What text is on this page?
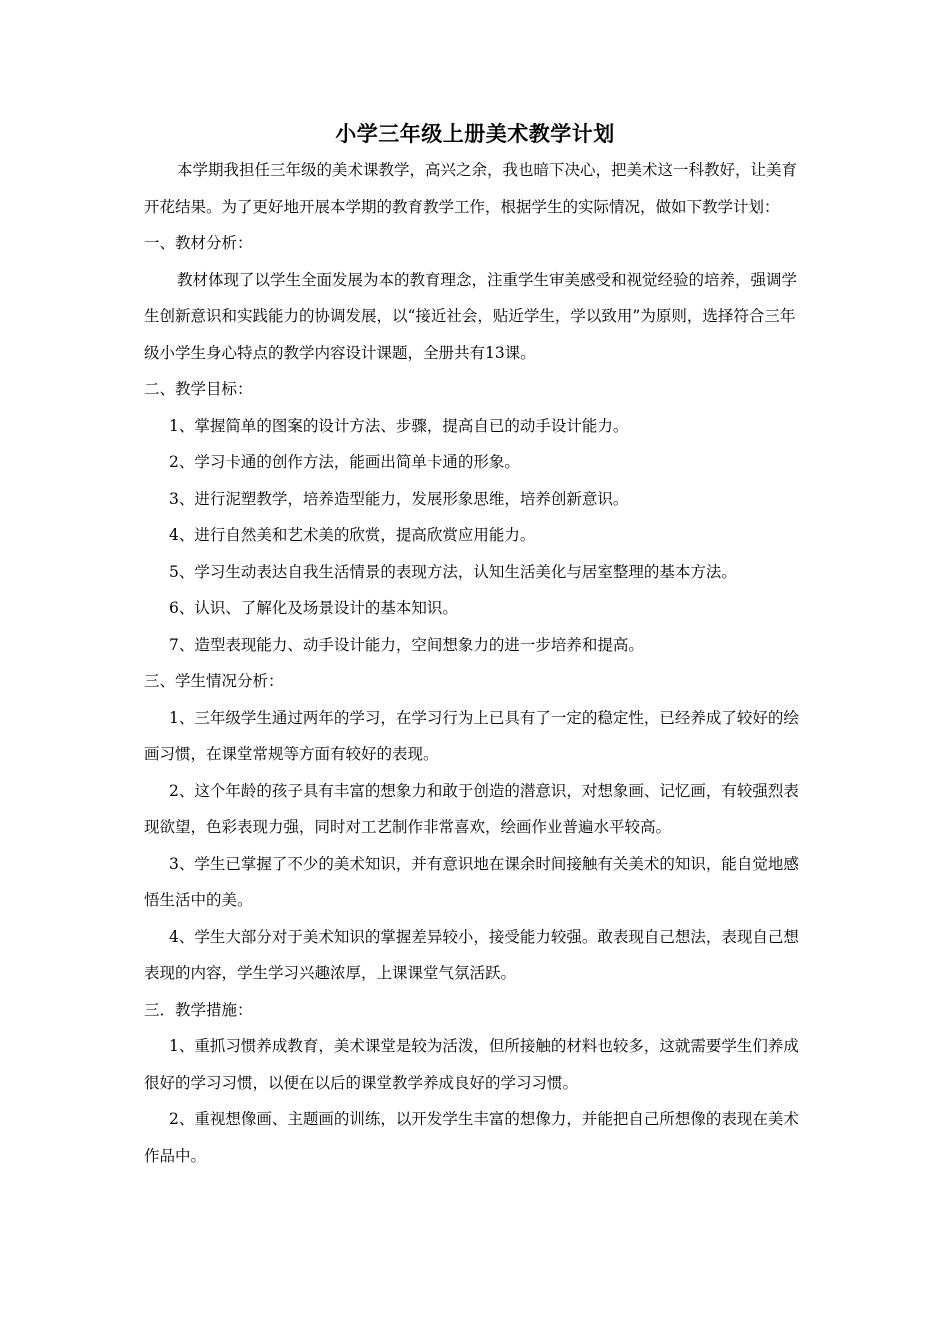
小学三年级上册美术教学计划

本学期我担任三年级的美术课教学，高兴之余，我也暗下决心，把美术这一科教好，让美育开花结果。为了更好地开展本学期的教育教学工作，根据学生的实际情况，做如下教学计划：

一、教材分析：

教材体现了以学生全面发展为本的教育理念，注重学生审美感受和视觉经验的培养，强调学生创新意识和实践能力的协调发展，以“接近社会，贴近学生，学以致用”为原则，选择符合三年级小学生身心特点的教学内容设计课题，全册共有13课。

二、教学目标：

1、掌握简单的图案的设计方法、步骤，提高自已的动手设计能力。
2、学习卡通的创作方法，能画出简单卡通的形象。
3、进行泥塑教学，培养造型能力，发展形象思维，培养创新意识。
4、进行自然美和艺术美的欣赏，提高欣赏应用能力。
5、学习生动表达自我生活情景的表现方法，认知生活美化与居室整理的基本方法。
6、认识、了解化及场景设计的基本知识。
7、造型表现能力、动手设计能力，空间想象力的进一步培养和提高。

三、学生情况分析：

1、三年级学生通过两年的学习，在学习行为上已具有了一定的稳定性，已经养成了较好的绘画习惯，在课堂常规等方面有较好的表现。
2、这个年龄的孩子具有丰富的想象力和敢于创造的潜意识，对想象画、记忆画，有较强烈表现欲望，色彩表现力强，同时对工艺制作非常喜欢，绘画作业普遍水平较高。
3、学生已掌握了不少的美术知识，并有意识地在课余时间接触有关美术的知识，能自觉地感悟生活中的美。
4、学生大部分对于美术知识的掌握差异较小，接受能力较强。敢表现自己想法，表现自己想表现的内容，学生学习兴趣浓厚，上课课堂气氛活跃。

三．教学措施：

1、重抓习惯养成教育，美术课堂是较为活泼，但所接触的材料也较多，这就需要学生们养成很好的学习习惯，以便在以后的课堂教学养成良好的学习习惯。
2、重视想像画、主题画的训练，以开发学生丰富的想像力，并能把自己所想像的表现在美术作品中。
